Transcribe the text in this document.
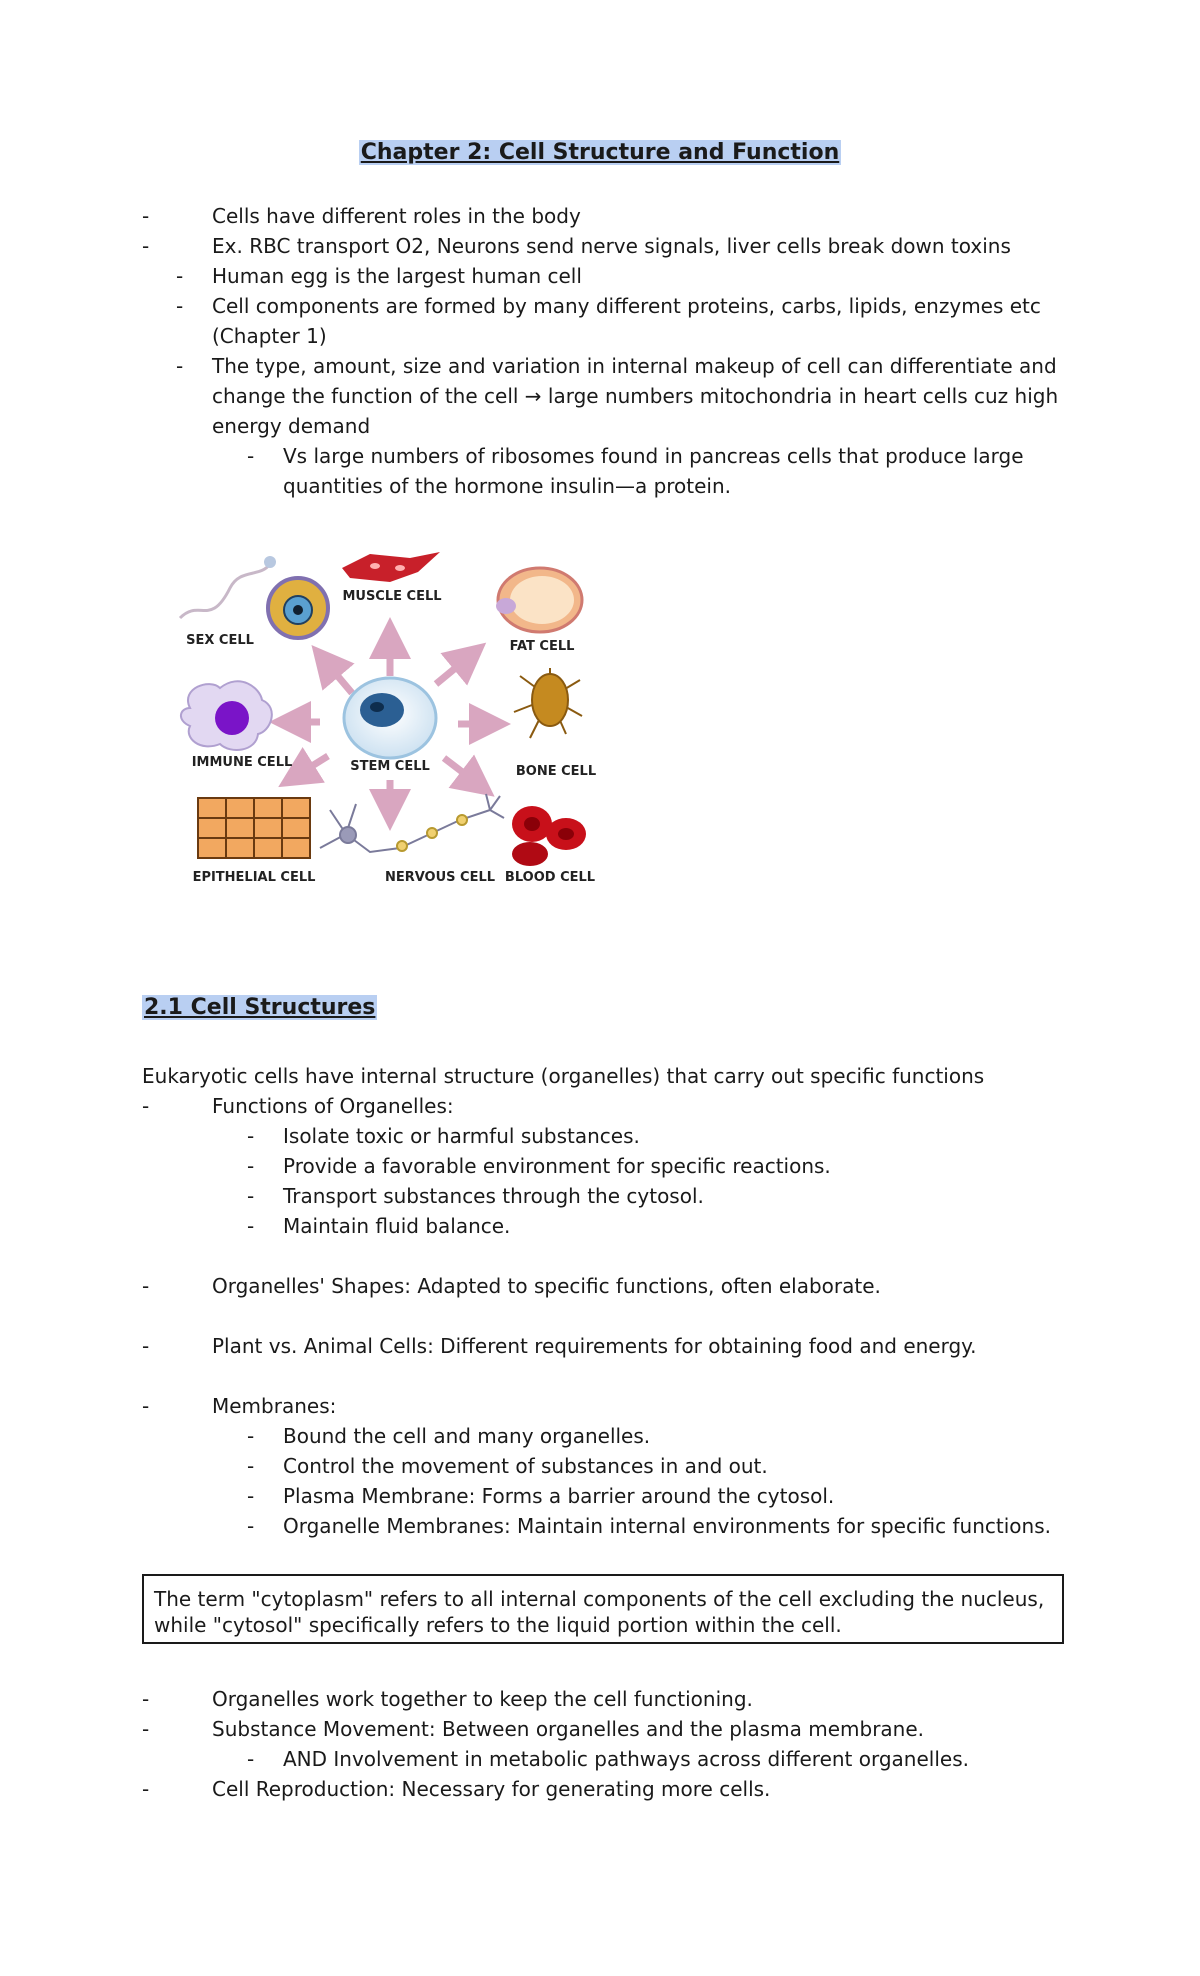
Chapter 2: Cell Structure and Function
-	Cells have different roles in the body
-	Ex. RBC transport O2, Neurons send nerve signals, liver cells break down toxins
- Human egg is the largest human cell
- Cell components are formed by many different proteins, carbs, lipids, enzymes etc
(Chapter 1)
- The type, amount, size and variation in internal makeup of cell can differentiate and
change the function of the cell → large numbers mitochondria in heart cells cuz high
energy demand
- Vs large numbers of ribosomes found in pancreas cells that produce large
quantities of the hormone insulin—a protein.
STEM CELL
SEX CELL
MUSCLE CELL
FAT CELL
IMMUNE CELL
BONE CELL
EPITHELIAL CELL	NERVOUS CELL BLOOD CELL
2.1 Cell Structures
Eukaryotic cells have internal structure (organelles) that carry out specific functions
-	Functions of Organelles:
- Isolate toxic or harmful substances.
- Provide a favorable environment for specific reactions.
- Transport substances through the cytosol.
- Maintain fluid balance.
-	Organelles' Shapes: Adapted to specific functions, often elaborate.
-	Plant vs. Animal Cells: Different requirements for obtaining food and energy.
-	Membranes:
- Bound the cell and many organelles.
- Control the movement of substances in and out.
- Plasma Membrane: Forms a barrier around the cytosol.
- Organelle Membranes: Maintain internal environments for specific functions.
The term "cytoplasm" refers to all internal components of the cell excluding the nucleus,
while "cytosol" specifically refers to the liquid portion within the cell.
-	Organelles work together to keep the cell functioning.
-	Substance Movement: Between organelles and the plasma membrane.
- AND Involvement in metabolic pathways across different organelles.
-	Cell Reproduction: Necessary for generating more cells.
